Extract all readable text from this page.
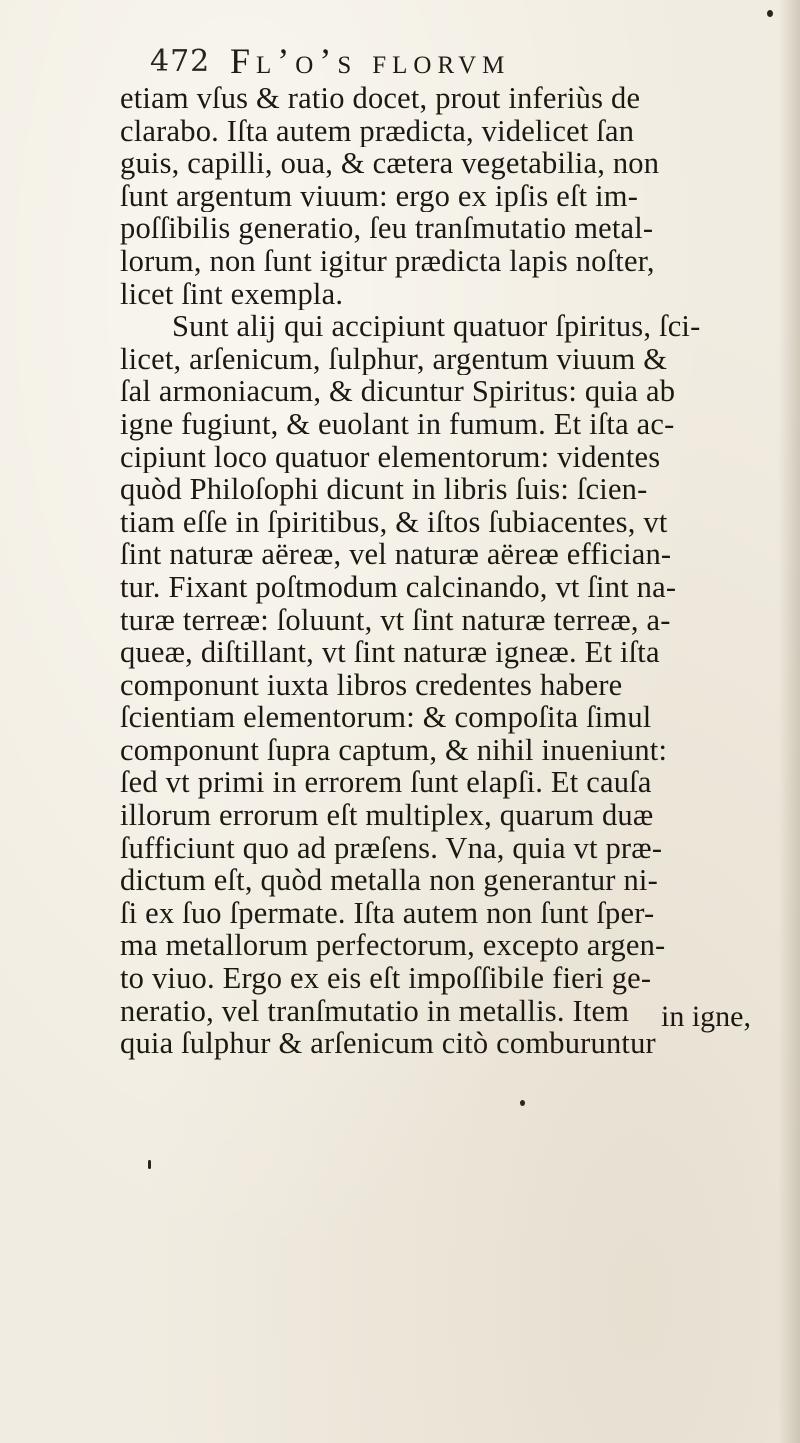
472 Fl’o’s florvm
etiam vſus & ratio docet, prout inferiùs de
clarabo. Iſta autem prædicta, videlicet ſan
guis, capilli, oua, & cætera vegetabilia, non
ſunt argentum viuum: ergo ex ipſis eſt im-
poſſibilis generatio, ſeu tranſmutatio metal-
lorum, non ſunt igitur prædicta lapis noſter,
licet ſint exempla.
Sunt alij qui accipiunt quatuor ſpiritus, ſci-
licet, arſenicum, ſulphur, argentum viuum &
ſal armoniacum, & dicuntur Spiritus: quia ab
igne fugiunt, & euolant in fumum. Et iſta ac-
cipiunt loco quatuor elementorum: videntes
quòd Philoſophi dicunt in libris ſuis: ſcien-
tiam eſſe in ſpiritibus, & iſtos ſubiacentes, vt
ſint naturæ aëreæ, vel naturæ aëreæ effician-
tur. Fixant poſtmodum calcinando, vt ſint na-
turæ terreæ: ſoluunt, vt ſint naturæ terreæ, a-
queæ, diſtillant, vt ſint naturæ igneæ. Et iſta
componunt iuxta libros credentes habere
ſcientiam elementorum: & compoſita ſimul
componunt ſupra captum, & nihil inueniunt:
ſed vt primi in errorem ſunt elapſi. Et cauſa
illorum errorum eſt multiplex, quarum duæ
ſufficiunt quo ad præſens. Vna, quia vt præ-
dictum eſt, quòd metalla non generantur ni-
ſi ex ſuo ſpermate. Iſta autem non ſunt ſper-
ma metallorum perfectorum, excepto argen-
to viuo. Ergo ex eis eſt impoſſibile fieri ge-
neratio, vel tranſmutatio in metallis. Item
quia ſulphur & arſenicum citò comburuntur
in igne,
